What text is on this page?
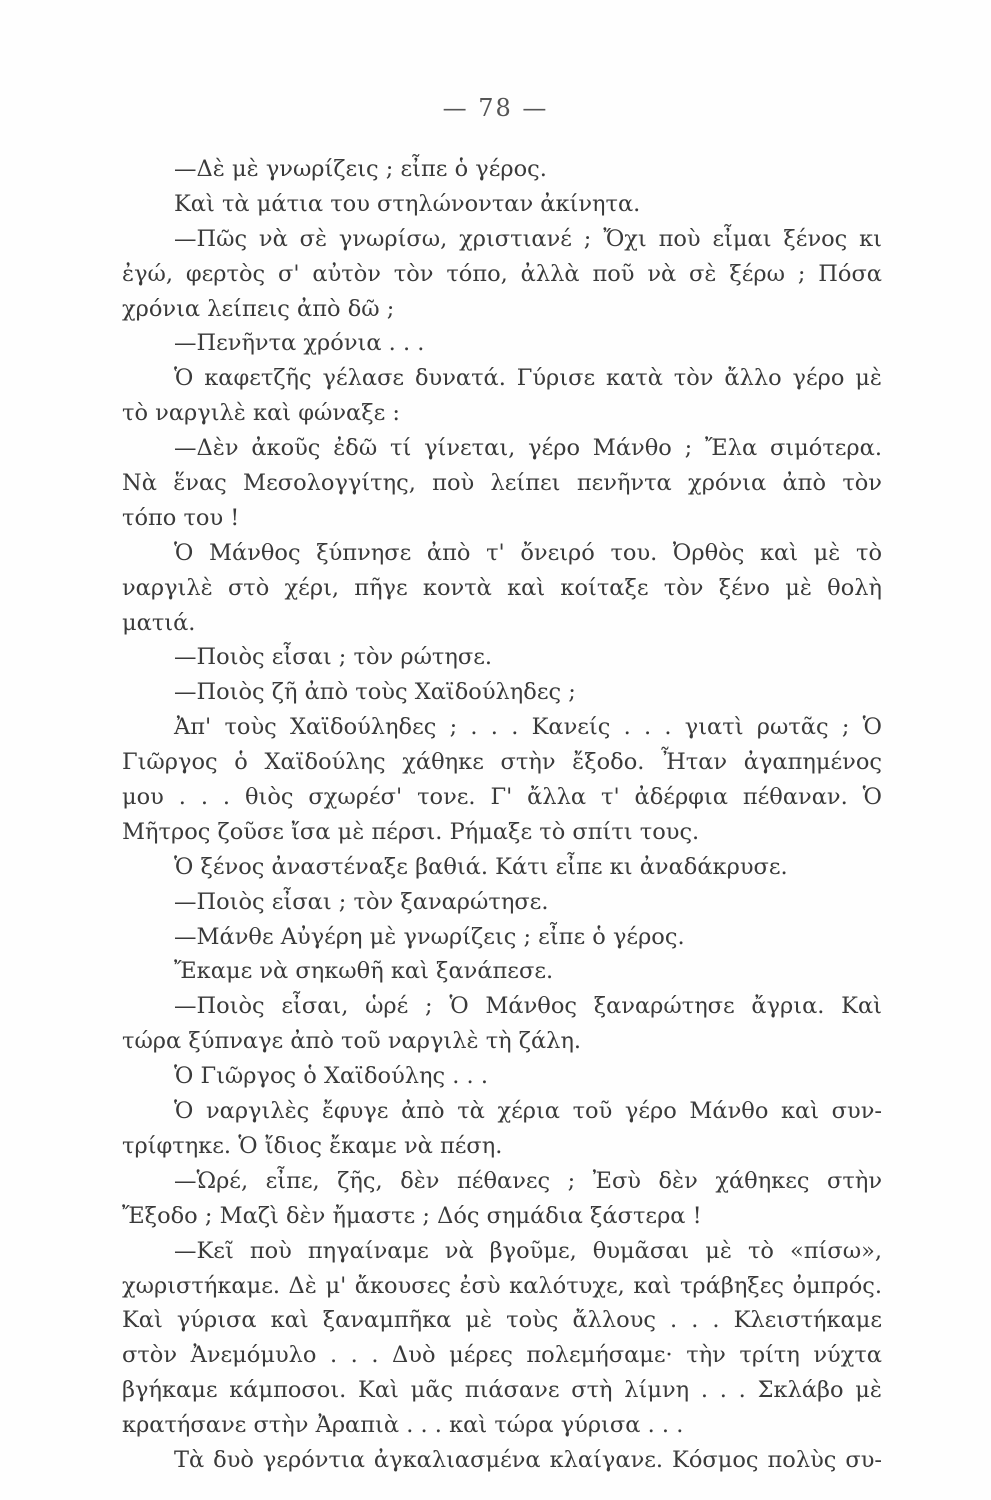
— 78 —
—Δὲ μὲ γνωρίζεις ; εἶπε ὁ γέρος.
Καὶ τὰ μάτια του στηλώνονταν ἀκίνητα.
—Πῶς νὰ σὲ γνωρίσω, χριστιανέ ; Ὄχι ποὺ εἶμαι ξένος κι
ἐγώ, φερτὸς σ' αὐτὸν τὸν τόπο, ἀλλὰ ποῦ νὰ σὲ ξέρω ; Πόσα
χρόνια λείπεις ἀπὸ δῶ ;
—Πενῆντα χρόνια . . .
Ὁ καφετζῆς γέλασε δυνατά. Γύρισε κατὰ τὸν ἄλλο γέρο μὲ
τὸ ναργιλὲ καὶ φώναξε :
—Δὲν ἀκοῦς ἐδῶ τί γίνεται, γέρο Μάνθο ; Ἔλα σιμότερα.
Νὰ ἕνας Μεσολογγίτης, ποὺ λείπει πενῆντα χρόνια ἀπὸ τὸν
τόπο του !
Ὁ Μάνθος ξύπνησε ἀπὸ τ' ὄνειρό του. Ὀρθὸς καὶ μὲ τὸ
ναργιλὲ στὸ χέρι, πῆγε κοντὰ καὶ κοίταξε τὸν ξένο μὲ θολὴ
ματιά.
—Ποιὸς εἶσαι ; τὸν ρώτησε.
—Ποιὸς ζῆ ἀπὸ τοὺς Χαϊδούληδες ;
Ἀπ' τοὺς Χαϊδούληδες ; . . . Κανείς . . . γιατὶ ρωτᾶς ; Ὁ
Γιῶργος ὁ Χαϊδούλης χάθηκε στὴν ἔξοδο. Ἦταν ἀγαπημένος
μου . . . θιὸς σχωρέσ' τονε. Γ' ἄλλα τ' ἀδέρφια πέθαναν. Ὁ
Μῆτρος ζοῦσε ἴσα μὲ πέρσι. Ρήμαξε τὸ σπίτι τους.
Ὁ ξένος ἀναστέναξε βαθιά. Κάτι εἶπε κι ἀναδάκρυσε.
—Ποιὸς εἶσαι ; τὸν ξαναρώτησε.
—Μάνθε Αὐγέρη μὲ γνωρίζεις ; εἶπε ὁ γέρος.
Ἔκαμε νὰ σηκωθῆ καὶ ξανάπεσε.
—Ποιὸς εἶσαι, ὡρέ ; Ὁ Μάνθος ξαναρώτησε ἄγρια. Καὶ
τώρα ξύπναγε ἀπὸ τοῦ ναργιλὲ τὴ ζάλη.
Ὁ Γιῶργος ὁ Χαϊδούλης . . .
Ὁ ναργιλὲς ἔφυγε ἀπὸ τὰ χέρια τοῦ γέρο Μάνθο καὶ συν-
τρίφτηκε. Ὁ ἴδιος ἔκαμε νὰ πέση.
—Ὡρέ, εἶπε, ζῆς, δὲν πέθανες ; Ἐσὺ δὲν χάθηκες στὴν
Ἔξοδο ; Μαζὶ δὲν ἤμαστε ; Δός σημάδια ξάστερα !
—Κεῖ ποὺ πηγαίναμε νὰ βγοῦμε, θυμᾶσαι μὲ τὸ «πίσω»,
χωριστήκαμε. Δὲ μ' ἄκουσες ἐσὺ καλότυχε, καὶ τράβηξες ὀμπρός.
Καὶ γύρισα καὶ ξαναμπῆκα μὲ τοὺς ἄλλους . . . Κλειστήκαμε
στὸν Ἀνεμόμυλο . . . Δυὸ μέρες πολεμήσαμε· τὴν τρίτη νύχτα
βγήκαμε κάμποσοι. Καὶ μᾶς πιάσανε στὴ λίμνη . . . Σκλάβο μὲ
κρατήσανε στὴν Ἀραπιὰ . . . καὶ τώρα γύρισα . . .
Τὰ δυὸ γερόντια ἀγκαλιασμένα κλαίγανε. Κόσμος πολὺς συ-
